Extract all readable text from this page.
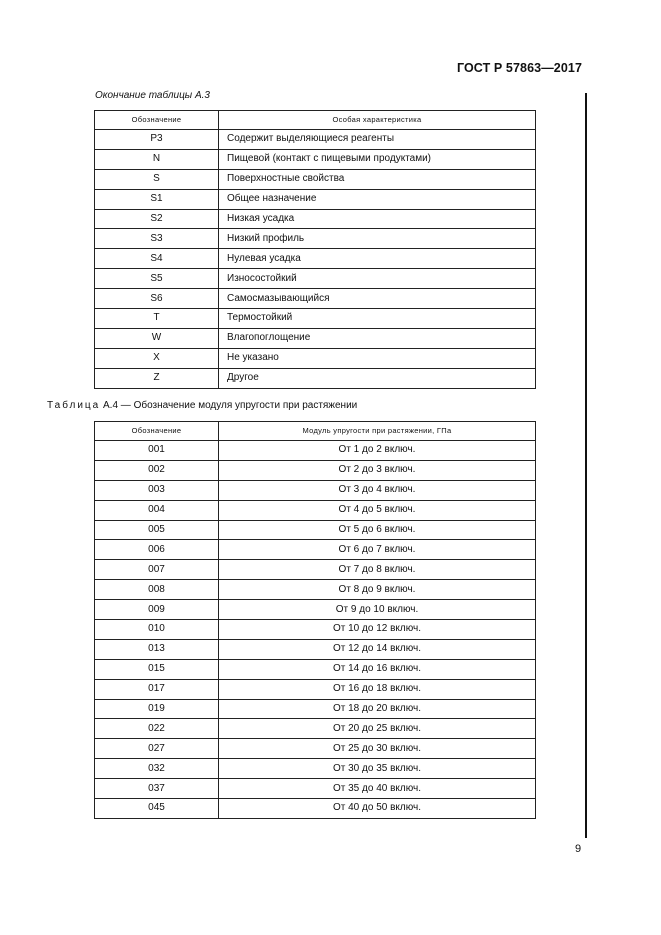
ГОСТ Р 57863—2017
Окончание таблицы А.3
Обозначение	Особая характеристика
P3	Содержит выделяющиеся реагенты
N	Пищевой (контакт с пищевыми продуктами)
S	Поверхностные свойства
S1	Общее назначение
S2	Низкая усадка
S3	Низкий профиль
S4	Нулевая усадка
S5	Износостойкий
S6	Самосмазывающийся
T	Термостойкий
W	Влагопоглощение
X	Не указано
Z	Другое
Таблица А.4 — Обозначение модуля упругости при растяжении
Обозначение	Модуль упругости при растяжении, ГПа
001	От 1 до 2 включ.
002	От 2 до 3 включ.
003	От 3 до 4 включ.
004	От 4 до 5 включ.
005	От 5 до 6 включ.
006	От 6 до 7 включ.
007	От 7 до 8 включ.
008	От 8 до 9 включ.
009	От 9 до 10 включ.
010	От 10 до 12 включ.
013	От 12 до 14 включ.
015	От 14 до 16 включ.
017	От 16 до 18 включ.
019	От 18 до 20 включ.
022	От 20 до 25 включ.
027	От 25 до 30 включ.
032	От 30 до 35 включ.
037	От 35 до 40 включ.
045	От 40 до 50 включ.
9
